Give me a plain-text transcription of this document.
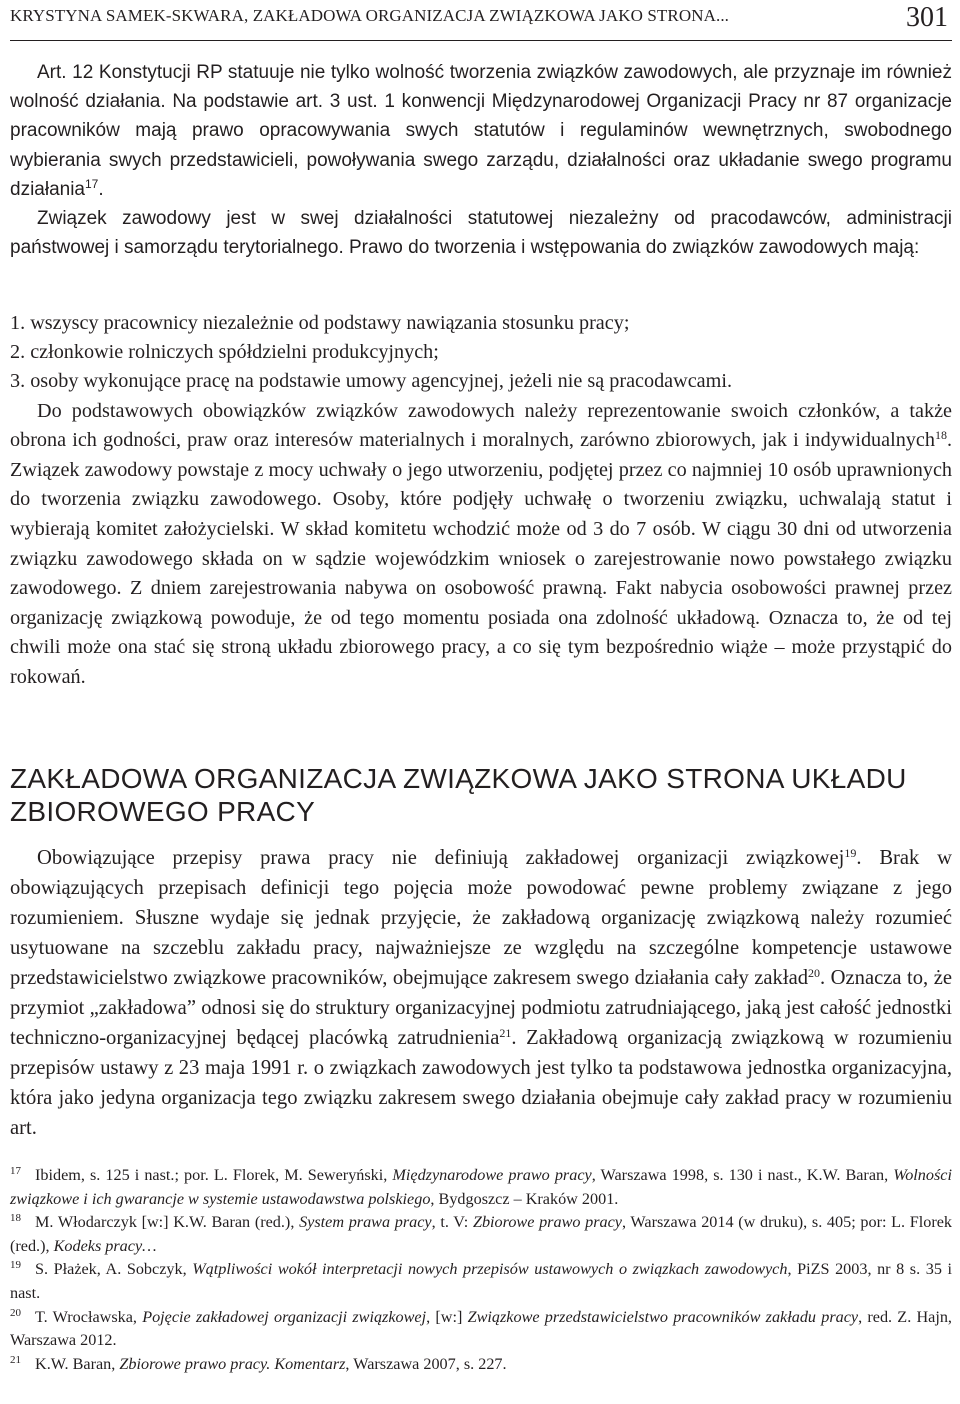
KRYSTYNA SAMEK-SKWARA, ZAKŁADOWA ORGANIZACJA ZWIĄZKOWA JAKO STRONA...	301

Art. 12 Konstytucji RP statuuje nie tylko wolność tworzenia związków zawodowych, ale przyznaje im również wolność działania. Na podstawie art. 3 ust. 1 konwencji Międzynarodowej Organizacji Pracy nr 87 organizacje pracowników mają prawo opracowywania swych statutów i regulaminów wewnętrznych, swobodnego wybierania swych przedstawicieli, powoływania swego zarządu, działalności oraz układanie swego programu działania$^{17}$.

Związek zawodowy jest w swej działalności statutowej niezależny od pracodawców, administracji państwowej i samorządu terytorialnego. Prawo do tworzenia i wstępowania do związków zawodowych mają:

1. wszyscy pracownicy niezależnie od podstawy nawiązania stosunku pracy;

2. członkowie rolniczych spółdzielni produkcyjnych;

3. osoby wykonujące pracę na podstawie umowy agencyjnej, jeżeli nie są pracodawcami.

Do podstawowych obowiązków związków zawodowych należy reprezentowanie swoich członków, a także obrona ich godności, praw oraz interesów materialnych i moralnych, zarówno zbiorowych, jak i indywidualnych$^{18}$. Związek zawodowy powstaje z mocy uchwały o jego utworzeniu, podjętej przez co najmniej 10 osób uprawnionych do tworzenia związku zawodowego. Osoby, które podjęły uchwałę o tworzeniu związku, uchwalają statut i wybierają komitet założycielski. W skład komitetu wchodzić może od 3 do 7 osób. W ciągu 30 dni od utworzenia związku zawodowego składa on w sądzie wojewódzkim wniosek o zarejestrowanie nowo powstałego związku zawodowego. Z dniem zarejestrowania nabywa on osobowość prawną. Fakt nabycia osobowości prawnej przez organizację związkową powoduje, że od tego momentu posiada ona zdolność układową. Oznacza to, że od tej chwili może ona stać się stroną układu zbiorowego pracy, a co się tym bezpośrednio wiąże – może przystąpić do rokowań.

ZAKŁADOWA ORGANIZACJA ZWIĄZKOWA JAKO STRONA UKŁADU ZBIOROWEGO PRACY

Obowiązujące przepisy prawa pracy nie definiują zakładowej organizacji związkowej$^{19}$. Brak w obowiązujących przepisach definicji tego pojęcia może powodować pewne problemy związane z jego rozumieniem. Słuszne wydaje się jednak przyjęcie, że zakładową organizację związkową należy rozumieć usytuowane na szczeblu zakładu pracy, najważniejsze ze względu na szczególne kompetencje ustawowe przedstawicielstwo związkowe pracowników, obejmujące zakresem swego działania cały zakład$^{20}$. Oznacza to, że przymiot „zakładowa” odnosi się do struktury organizacyjnej podmiotu zatrudniającego, jaką jest całość jednostki techniczno-organizacyjnej będącej placówką zatrudnienia$^{21}$. Zakładową organizacją związkową w rozumieniu przepisów ustawy z 23 maja 1991 r. o związkach zawodowych jest tylko ta podstawowa jednostka organizacyjna, która jako jedyna organizacja tego związku zakresem swego działania obejmuje cały zakład pracy w rozumieniu art.

$^{17}$ Ibidem, s. 125 i nast.; por. L. Florek, M. Seweryński, Międzynarodowe prawo pracy, Warszawa 1998, s. 130 i nast., K.W. Baran, Wolności związkowe i ich gwarancje w systemie ustawodawstwa polskiego, Bydgoszcz – Kraków 2001.

$^{18}$ M. Włodarczyk [w:] K.W. Baran (red.), System prawa pracy, t. V: Zbiorowe prawo pracy, Warszawa 2014 (w druku), s. 405; por: L. Florek (red.), Kodeks pracy…

$^{19}$ S. Płażek, A. Sobczyk, Wątpliwości wokół interpretacji nowych przepisów ustawowych o związkach zawodowych, PiZS 2003, nr 8 s. 35 i nast.

$^{20}$ T. Wrocławska, Pojęcie zakładowej organizacji związkowej, [w:] Związkowe przedstawicielstwo pracowników zakładu pracy, red. Z. Hajn, Warszawa 2012.

$^{21}$ K.W. Baran, Zbiorowe prawo pracy. Komentarz, Warszawa 2007, s. 227.
